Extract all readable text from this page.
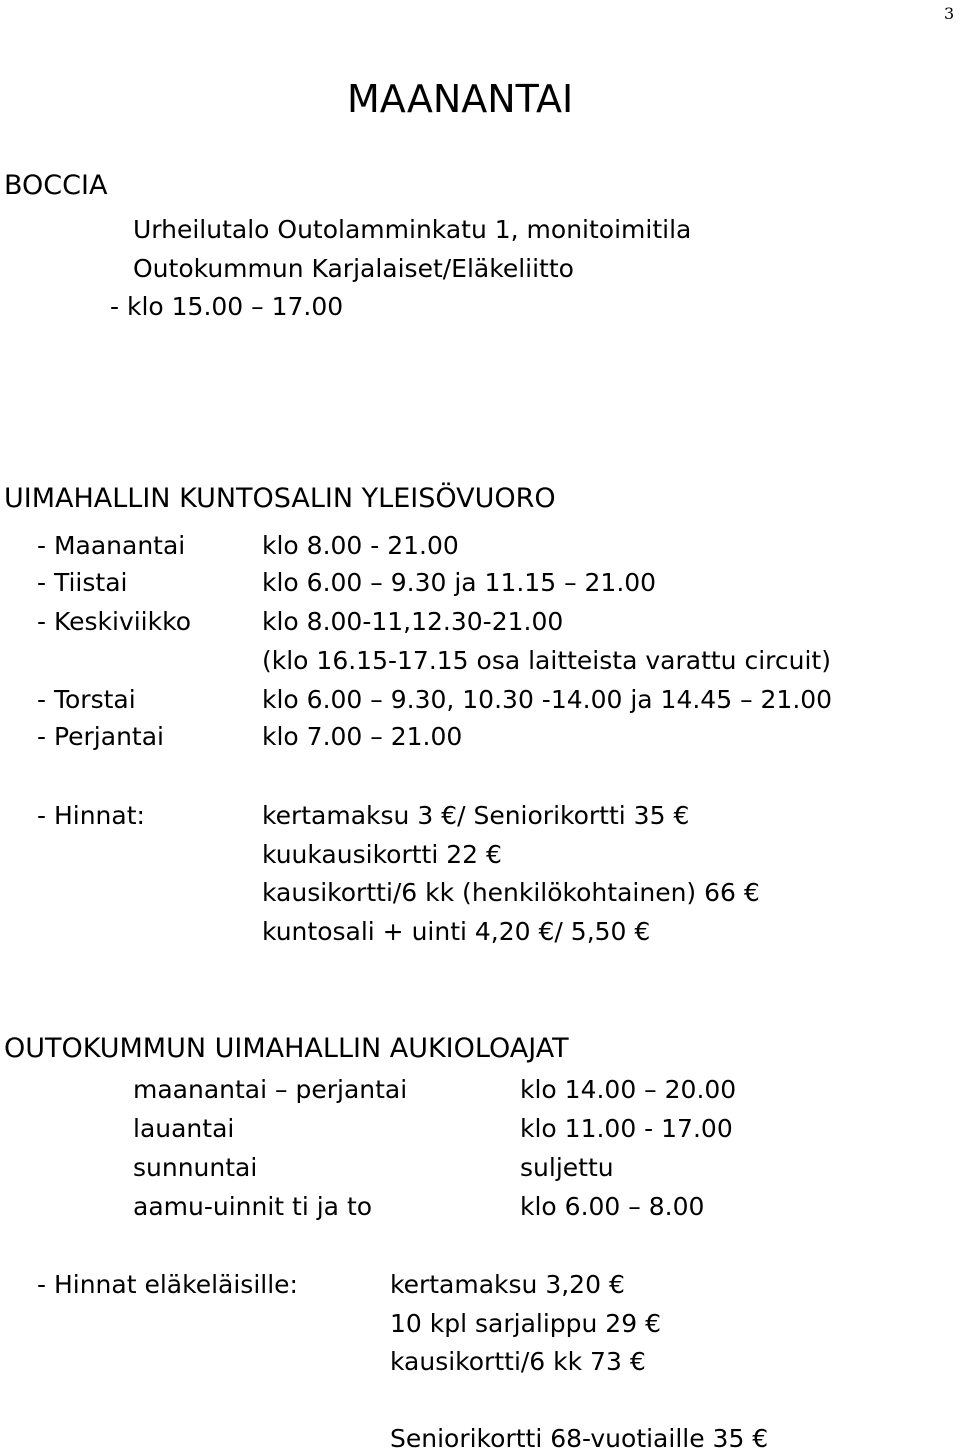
3
MAANANTAI
BOCCIA
Urheilutalo Outolamminkatu 1, monitoimitila
Outokummun Karjalaiset/Eläkeliitto
- klo 15.00 – 17.00
UIMAHALLIN KUNTOSALIN YLEISÖVUORO
- Maanantai	klo 8.00 - 21.00
- Tiistai	klo 6.00 – 9.30 ja 11.15 – 21.00
- Keskiviikko	klo 8.00-11,12.30-21.00
(klo 16.15-17.15 osa laitteista varattu circuit)
- Torstai	klo 6.00 – 9.30, 10.30 -14.00 ja 14.45 – 21.00
- Perjantai	klo 7.00 – 21.00
- Hinnat:	kertamaksu 3 €/ Seniorikortti 35 €
kuukausikortti 22 €
kausikortti/6 kk (henkilökohtainen) 66 €
kuntosali + uinti 4,20 €/ 5,50 €
OUTOKUMMUN UIMAHALLIN AUKIOLOAJAT
maanantai – perjantai	klo 14.00 – 20.00
lauantai	klo 11.00 - 17.00
sunnuntai	suljettu
aamu-uinnit ti ja to	klo 6.00 – 8.00
- Hinnat eläkeläisille:	kertamaksu 3,20 €
10 kpl sarjalippu 29 €
kausikortti/6 kk 73 €
Seniorikortti 68-vuotiaille 35 €
